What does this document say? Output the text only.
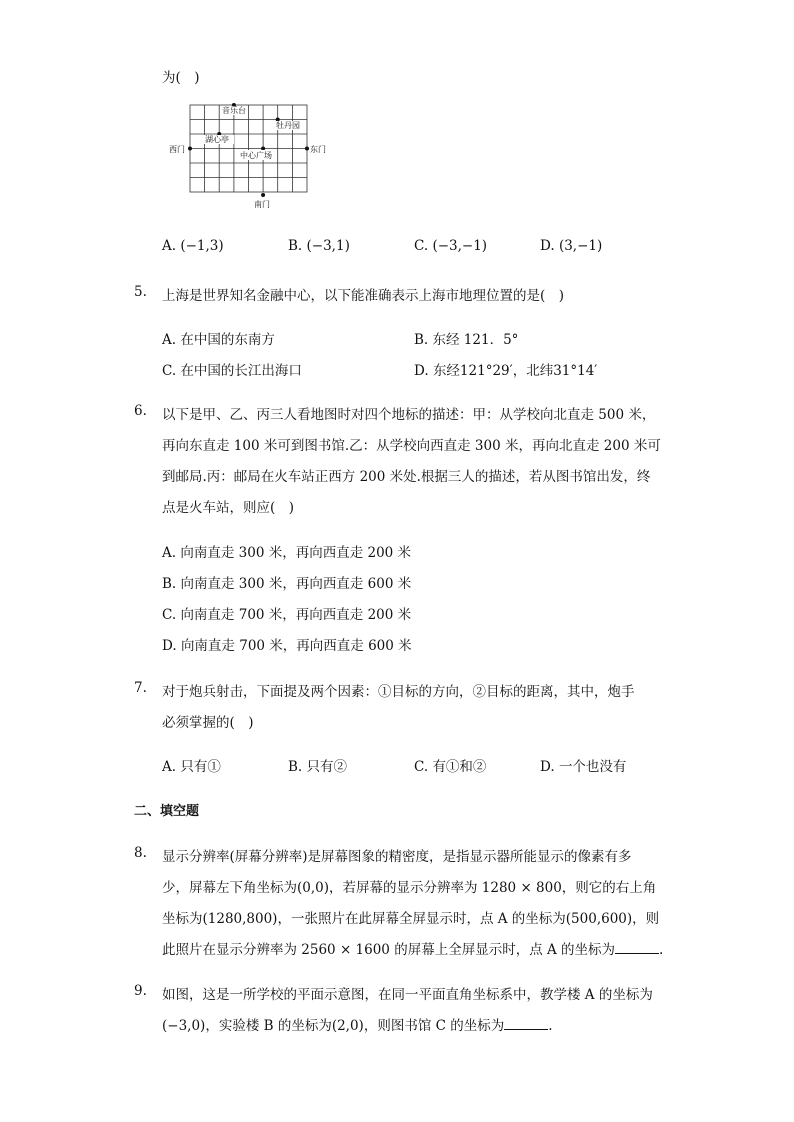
为(　)
音乐台
牡丹园
湖心亭
西门
中心广场
东门
南门
A. (−1,3)	B. (−3,1)	C. (−3,−1)	D. (3,−1)
5. 上海是世界知名金融中心，以下能准确表示上海市地理位置的是(　)
A. 在中国的东南方	B. 东经 121．5°
C. 在中国的长江出海口	D. 东经121°29′，北纬31°14′
6. 以下是甲、乙、丙三人看地图时对四个地标的描述：甲：从学校向北直走 500 米，
再向东直走 100 米可到图书馆.乙：从学校向西直走 300 米，再向北直走 200 米可
到邮局.丙：邮局在火车站正西方 200 米处.根据三人的描述，若从图书馆出发，终
点是火车站，则应(　)
A. 向南直走 300 米，再向西直走 200 米
B. 向南直走 300 米，再向西直走 600 米
C. 向南直走 700 米，再向西直走 200 米
D. 向南直走 700 米，再向西直走 600 米
7. 对于炮兵射击，下面提及两个因素：①目标的方向，②目标的距离，其中，炮手
必须掌握的(　)
A. 只有①	B. 只有②	C. 有①和②	D. 一个也没有
二、填空题
8. 显示分辨率(屏幕分辨率)是屏幕图象的精密度，是指显示器所能显示的像素有多
少，屏幕左下角坐标为(0,0)，若屏幕的显示分辨率为 1280 × 800，则它的右上角
坐标为(1280,800)，一张照片在此屏幕全屏显示时，点 A 的坐标为(500,600)，则
此照片在显示分辨率为 2560 × 1600 的屏幕上全屏显示时，点 A 的坐标为	.
9. 如图，这是一所学校的平面示意图，在同一平面直角坐标系中，教学楼 A 的坐标为
(−3,0)，实验楼 B 的坐标为(2,0)，则图书馆 C 的坐标为	.
